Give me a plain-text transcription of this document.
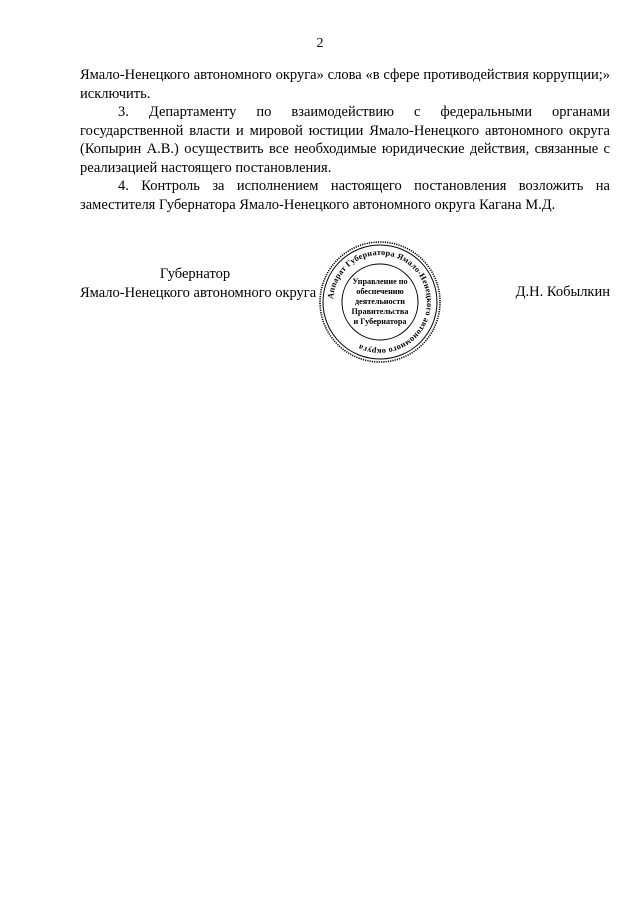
2

Ямало-Ненецкого автономного округа» слова «в сфере противодействия коррупции;» исключить.

3. Департаменту по взаимодействию с федеральными органами государственной власти и мировой юстиции Ямало-Ненецкого автономного округа (Копырин А.В.) осуществить все необходимые юридические действия, связанные с реализацией настоящего постановления.

4. Контроль за исполнением настоящего постановления возложить на заместителя Губернатора Ямало-Ненецкого автономного округа Кагана М.Д.

Губернатор
Ямало-Ненецкого автономного округа	Аппарат Губернатора Ямало-Ненецкого автономного округа
Управление по
обеспечению
деятельности
Правительства
и Губернатора
Д.Н. Кобылкин
